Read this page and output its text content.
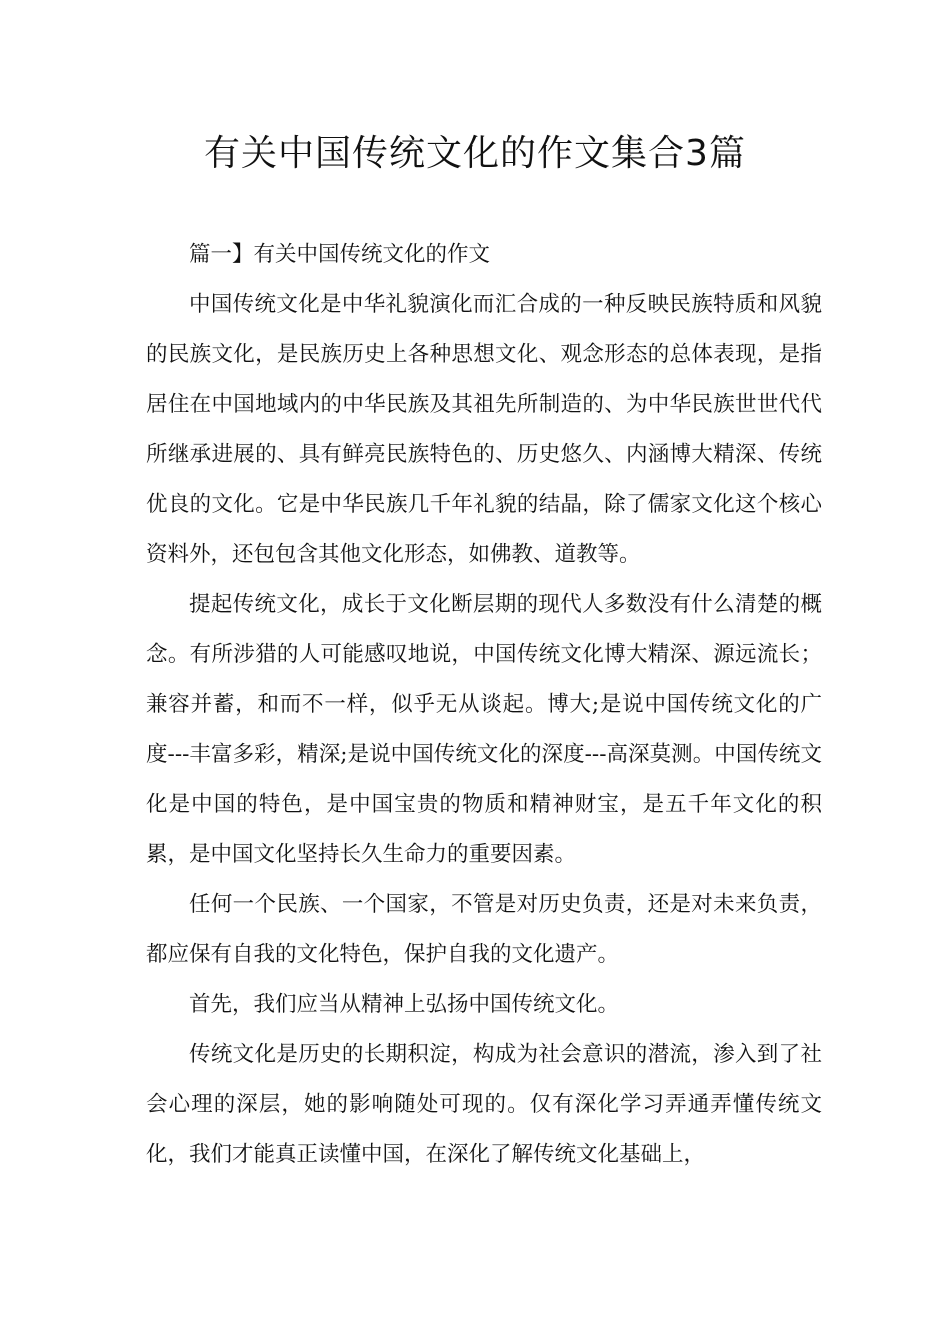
有关中国传统文化的作文集合3篇

篇一】有关中国传统文化的作文

中国传统文化是中华礼貌演化而汇合成的一种反映民族特质和风貌的民族文化，是民族历史上各种思想文化、观念形态的总体表现，是指居住在中国地域内的中华民族及其祖先所制造的、为中华民族世世代代所继承进展的、具有鲜亮民族特色的、历史悠久、内涵博大精深、传统优良的文化。它是中华民族几千年礼貌的结晶，除了儒家文化这个核心资料外，还包包含其他文化形态，如佛教、道教等。

提起传统文化，成长于文化断层期的现代人多数没有什么清楚的概念。有所涉猎的人可能感叹地说，中国传统文化博大精深、源远流长；兼容并蓄，和而不一样，似乎无从谈起。博大;是说中国传统文化的广度---丰富多彩，精深;是说中国传统文化的深度---高深莫测。中国传统文化是中国的特色，是中国宝贵的物质和精神财宝，是五千年文化的积累，是中国文化坚持长久生命力的重要因素。

任何一个民族、一个国家，不管是对历史负责，还是对未来负责，都应保有自我的文化特色，保护自我的文化遗产。

首先，我们应当从精神上弘扬中国传统文化。

传统文化是历史的长期积淀，构成为社会意识的潜流，渗入到了社会心理的深层，她的影响随处可现的。仅有深化学习弄通弄懂传统文化，我们才能真正读懂中国，在深化了解传统文化基础上，
